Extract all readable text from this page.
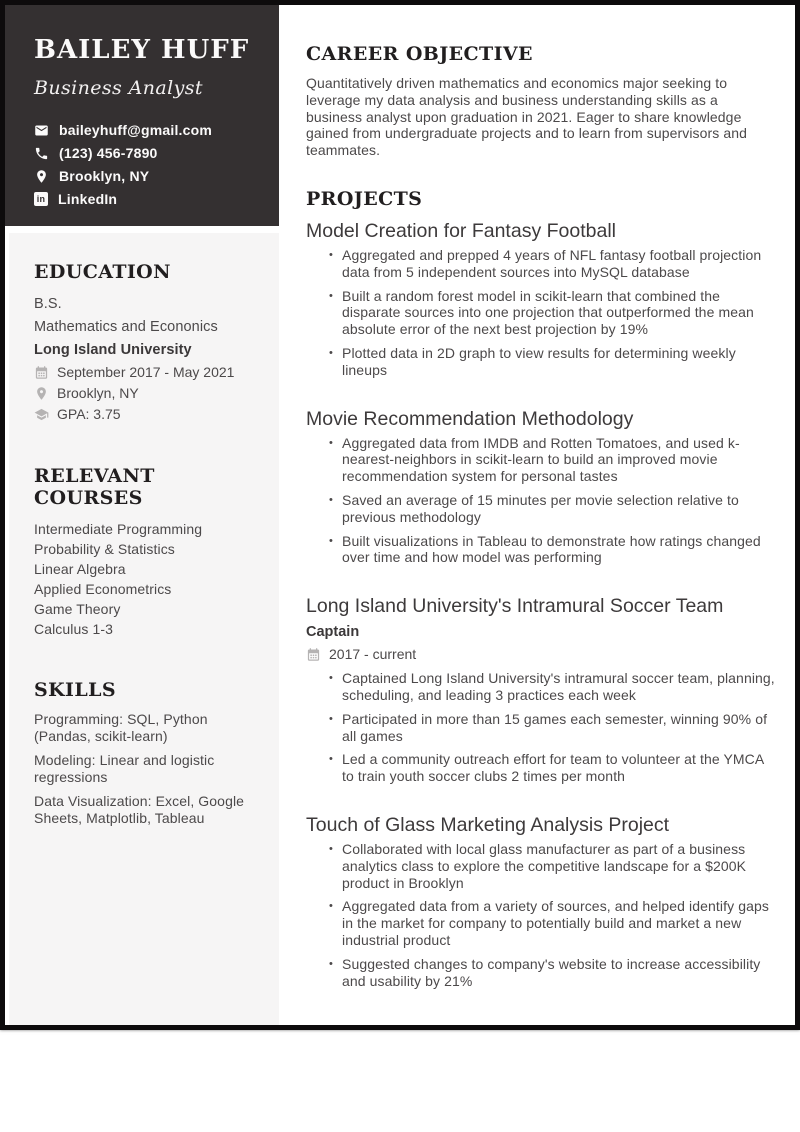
BAILEY HUFF
Business Analyst
baileyhuff@gmail.com
(123) 456-7890
Brooklyn, NY
in LinkedIn
EDUCATION
B.S.
Mathematics and Econonics
Long Island University
September 2017 - May 2021
Brooklyn, NY
GPA: 3.75
RELEVANT COURSES
Intermediate Programming
Probability & Statistics
Linear Algebra
Applied Econometrics
Game Theory
Calculus 1-3
SKILLS
Programming: SQL, Python (Pandas, scikit-learn)
Modeling: Linear and logistic regressions
Data Visualization: Excel, Google Sheets, Matplotlib, Tableau
CAREER OBJECTIVE

Quantitatively driven mathematics and economics major seeking to leverage my data analysis and business understanding skills as a business analyst upon graduation in 2021. Eager to share knowledge gained from undergraduate projects and to learn from supervisors and teammates.

PROJECTS
Model Creation for Fantasy Football
• Aggregated and prepped 4 years of NFL fantasy football projection data from 5 independent sources into MySQL database
• Built a random forest model in scikit-learn that combined the disparate sources into one projection that outperformed the mean absolute error of the next best projection by 19%
• Plotted data in 2D graph to view results for determining weekly lineups
Movie Recommendation Methodology
• Aggregated data from IMDB and Rotten Tomatoes, and used k-nearest-neighbors in scikit-learn to build an improved movie recommendation system for personal tastes
• Saved an average of 15 minutes per movie selection relative to previous methodology
• Built visualizations in Tableau to demonstrate how ratings changed over time and how model was performing
Long Island University's Intramural Soccer Team
Captain
2017 - current
• Captained Long Island University's intramural soccer team, planning, scheduling, and leading 3 practices each week
• Participated in more than 15 games each semester, winning 90% of all games
• Led a community outreach effort for team to volunteer at the YMCA to train youth soccer clubs 2 times per month
Touch of Glass Marketing Analysis Project
• Collaborated with local glass manufacturer as part of a business analytics class to explore the competitive landscape for a $200K product in Brooklyn
• Aggregated data from a variety of sources, and helped identify gaps in the market for company to potentially build and market a new industrial product
• Suggested changes to company's website to increase accessibility and usability by 21%
